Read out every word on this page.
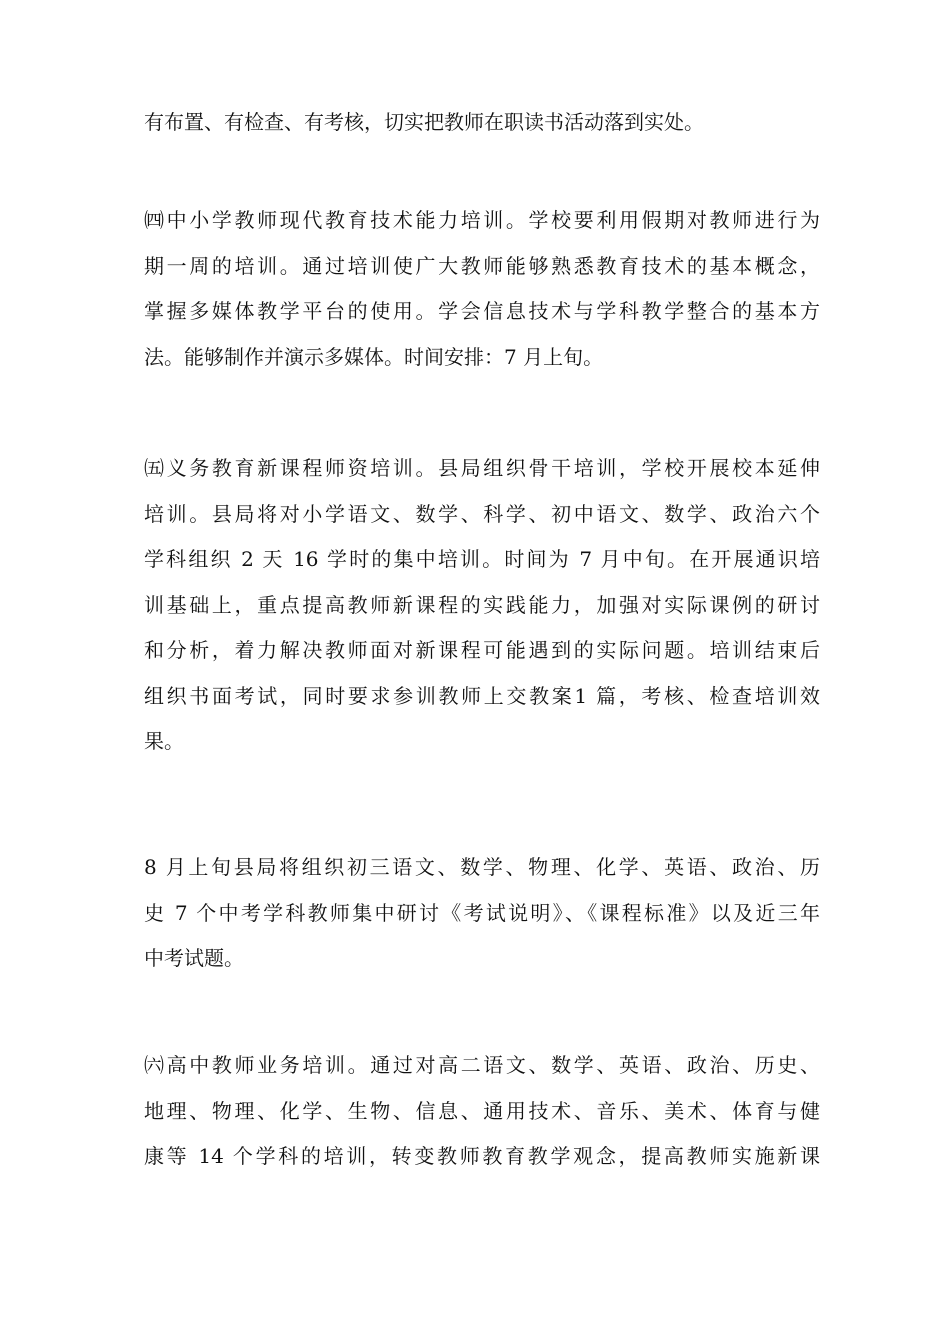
有布置、有检查、有考核，切实把教师在职读书活动落到实处。

㈣中小学教师现代教育技术能力培训。学校要利用假期对教师进行为
期一周的培训。通过培训使广大教师能够熟悉教育技术的基本概念，
掌握多媒体教学平台的使用。学会信息技术与学科教学整合的基本方
法。能够制作并演示多媒体。时间安排：7 月上旬。

㈤义务教育新课程师资培训。县局组织骨干培训，学校开展校本延伸
培训。县局将对小学语文、数学、科学、初中语文、数学、政治六个
学科组织 2 天 16 学时的集中培训。时间为 7 月中旬。在开展通识培
训基础上，重点提高教师新课程的实践能力，加强对实际课例的研讨
和分析，着力解决教师面对新课程可能遇到的实际问题。培训结束后
组织书面考试，同时要求参训教师上交教案1 篇，考核、检查培训效
果。

8 月上旬县局将组织初三语文、数学、物理、化学、英语、政治、历
史 7 个中考学科教师集中研讨《考试说明》、《课程标准》以及近三年
中考试题。

㈥高中教师业务培训。通过对高二语文、数学、英语、政治、历史、
地理、物理、化学、生物、信息、通用技术、音乐、美术、体育与健
康等 14 个学科的培训，转变教师教育教学观念，提高教师实施新课
